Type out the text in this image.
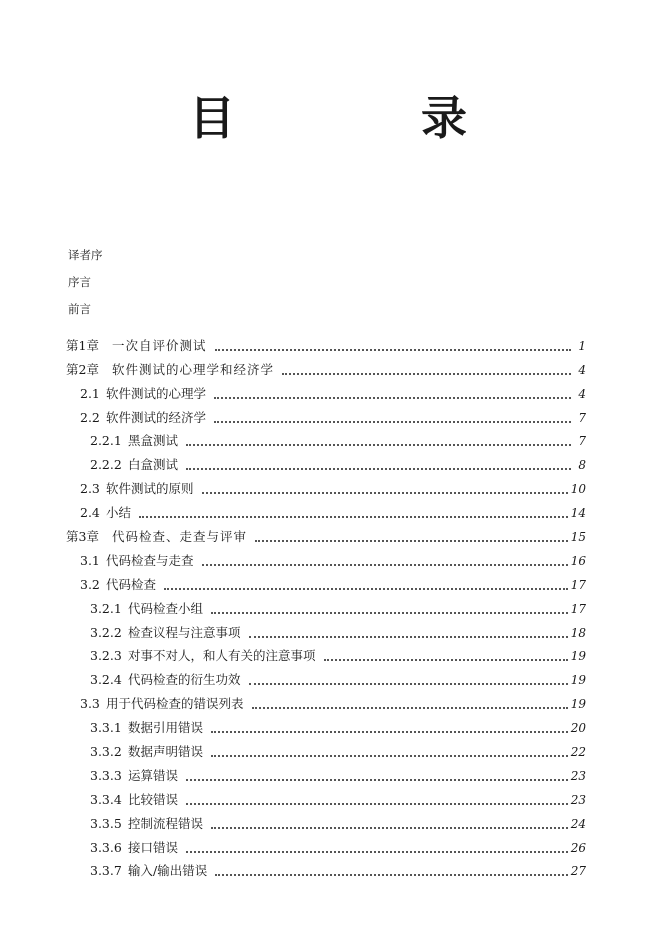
目　录
译者序
序言
前言
第1章	一次自评价测试	1
第2章	软件测试的心理学和经济学	4
2.1 软件测试的心理学	4
2.2 软件测试的经济学	7
2.2.1 黑盒测试	7
2.2.2 白盒测试	8
2.3 软件测试的原则	10
2.4 小结	14
第3章	代码检查、走查与评审	15
3.1 代码检查与走查	16
3.2 代码检查	17
3.2.1 代码检查小组	17
3.2.2 检查议程与注意事项	18
3.2.3 对事不对人，和人有关的注意事项	19
3.2.4 代码检查的衍生功效	19
3.3 用于代码检查的错误列表	19
3.3.1 数据引用错误	20
3.3.2 数据声明错误	22
3.3.3 运算错误	23
3.3.4 比较错误	23
3.3.5 控制流程错误	24
3.3.6 接口错误	26
3.3.7 输入/输出错误	27
